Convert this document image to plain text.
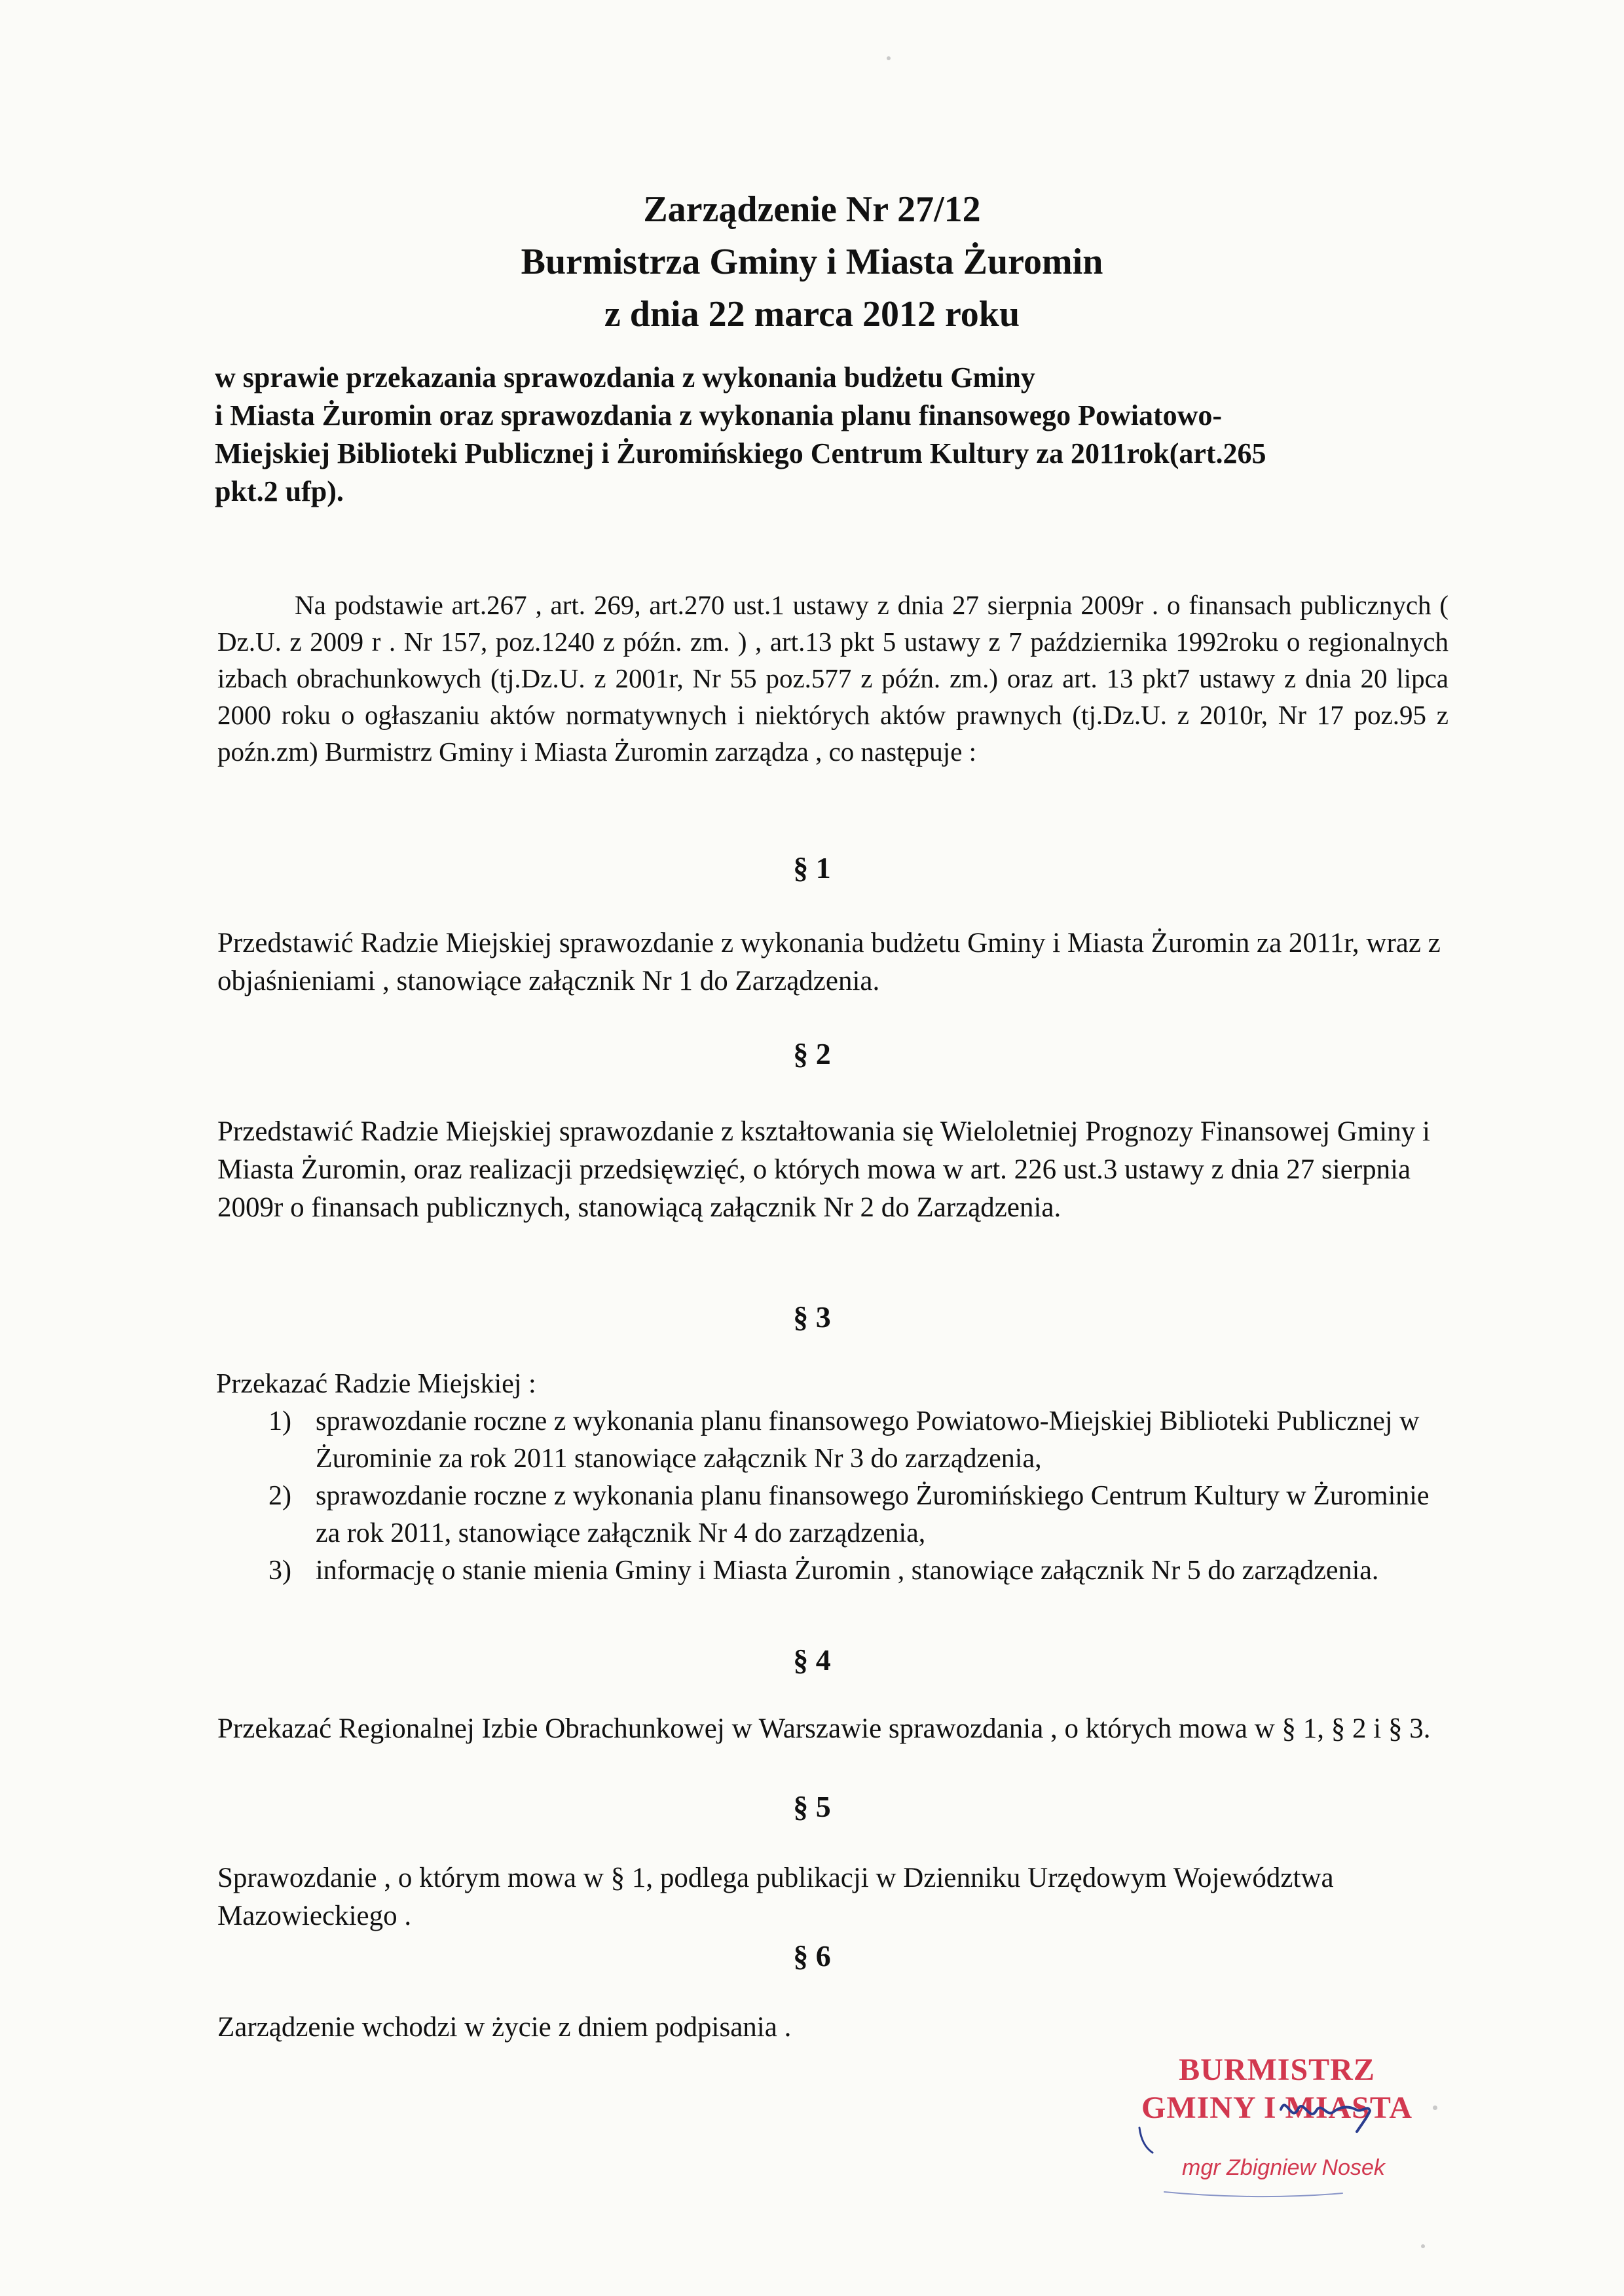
Zarządzenie Nr 27/12
Burmistrza Gminy i Miasta Żuromin
z dnia 22 marca 2012 roku
w sprawie przekazania sprawozdania z wykonania budżetu Gminy
i Miasta Żuromin oraz sprawozdania z wykonania planu finansowego Powiatowo-
Miejskiej Biblioteki Publicznej i Żuromińskiego Centrum Kultury za 2011rok(art.265
pkt.2 ufp).
Na podstawie art.267 , art. 269, art.270 ust.1 ustawy z dnia 27 sierpnia 2009r . o finansach publicznych ( Dz.U. z 2009 r . Nr 157, poz.1240 z późn. zm. ) , art.13 pkt 5 ustawy z 7 października 1992roku o regionalnych izbach obrachunkowych (tj.Dz.U. z 2001r, Nr 55 poz.577 z późn. zm.) oraz art. 13 pkt7 ustawy z dnia 20 lipca 2000 roku o ogłaszaniu aktów normatywnych i niektórych aktów prawnych (tj.Dz.U. z 2010r, Nr 17 poz.95 z poźn.zm) Burmistrz Gminy i Miasta Żuromin zarządza , co następuje :
§ 1
Przedstawić Radzie Miejskiej sprawozdanie z wykonania budżetu Gminy i Miasta Żuromin za 2011r, wraz z objaśnieniami , stanowiące załącznik Nr 1 do Zarządzenia.
§ 2
Przedstawić Radzie Miejskiej sprawozdanie z kształtowania się Wieloletniej Prognozy Finansowej Gminy i Miasta Żuromin, oraz realizacji przedsięwzięć, o których mowa w art. 226 ust.3 ustawy z dnia 27 sierpnia 2009r o finansach publicznych, stanowiącą załącznik Nr 2 do Zarządzenia.
§ 3
Przekazać Radzie Miejskiej :
1) sprawozdanie roczne z wykonania planu finansowego Powiatowo-Miejskiej Biblioteki Publicznej w Żurominie za rok 2011 stanowiące załącznik Nr 3 do zarządzenia,
2) sprawozdanie roczne z wykonania planu finansowego Żuromińskiego Centrum Kultury w Żurominie za rok 2011, stanowiące załącznik Nr 4 do zarządzenia,
3) informację o stanie mienia Gminy i Miasta Żuromin , stanowiące załącznik Nr 5 do zarządzenia.
§ 4
Przekazać Regionalnej Izbie Obrachunkowej w Warszawie sprawozdania , o których mowa w § 1, § 2 i § 3.
§ 5
Sprawozdanie , o którym mowa w § 1, podlega publikacji w Dzienniku Urzędowym Województwa Mazowieckiego .
§ 6
Zarządzenie wchodzi w życie z dniem podpisania .
BURMISTRZ
GMINY I MIASTA
mgr Zbigniew Nosek
